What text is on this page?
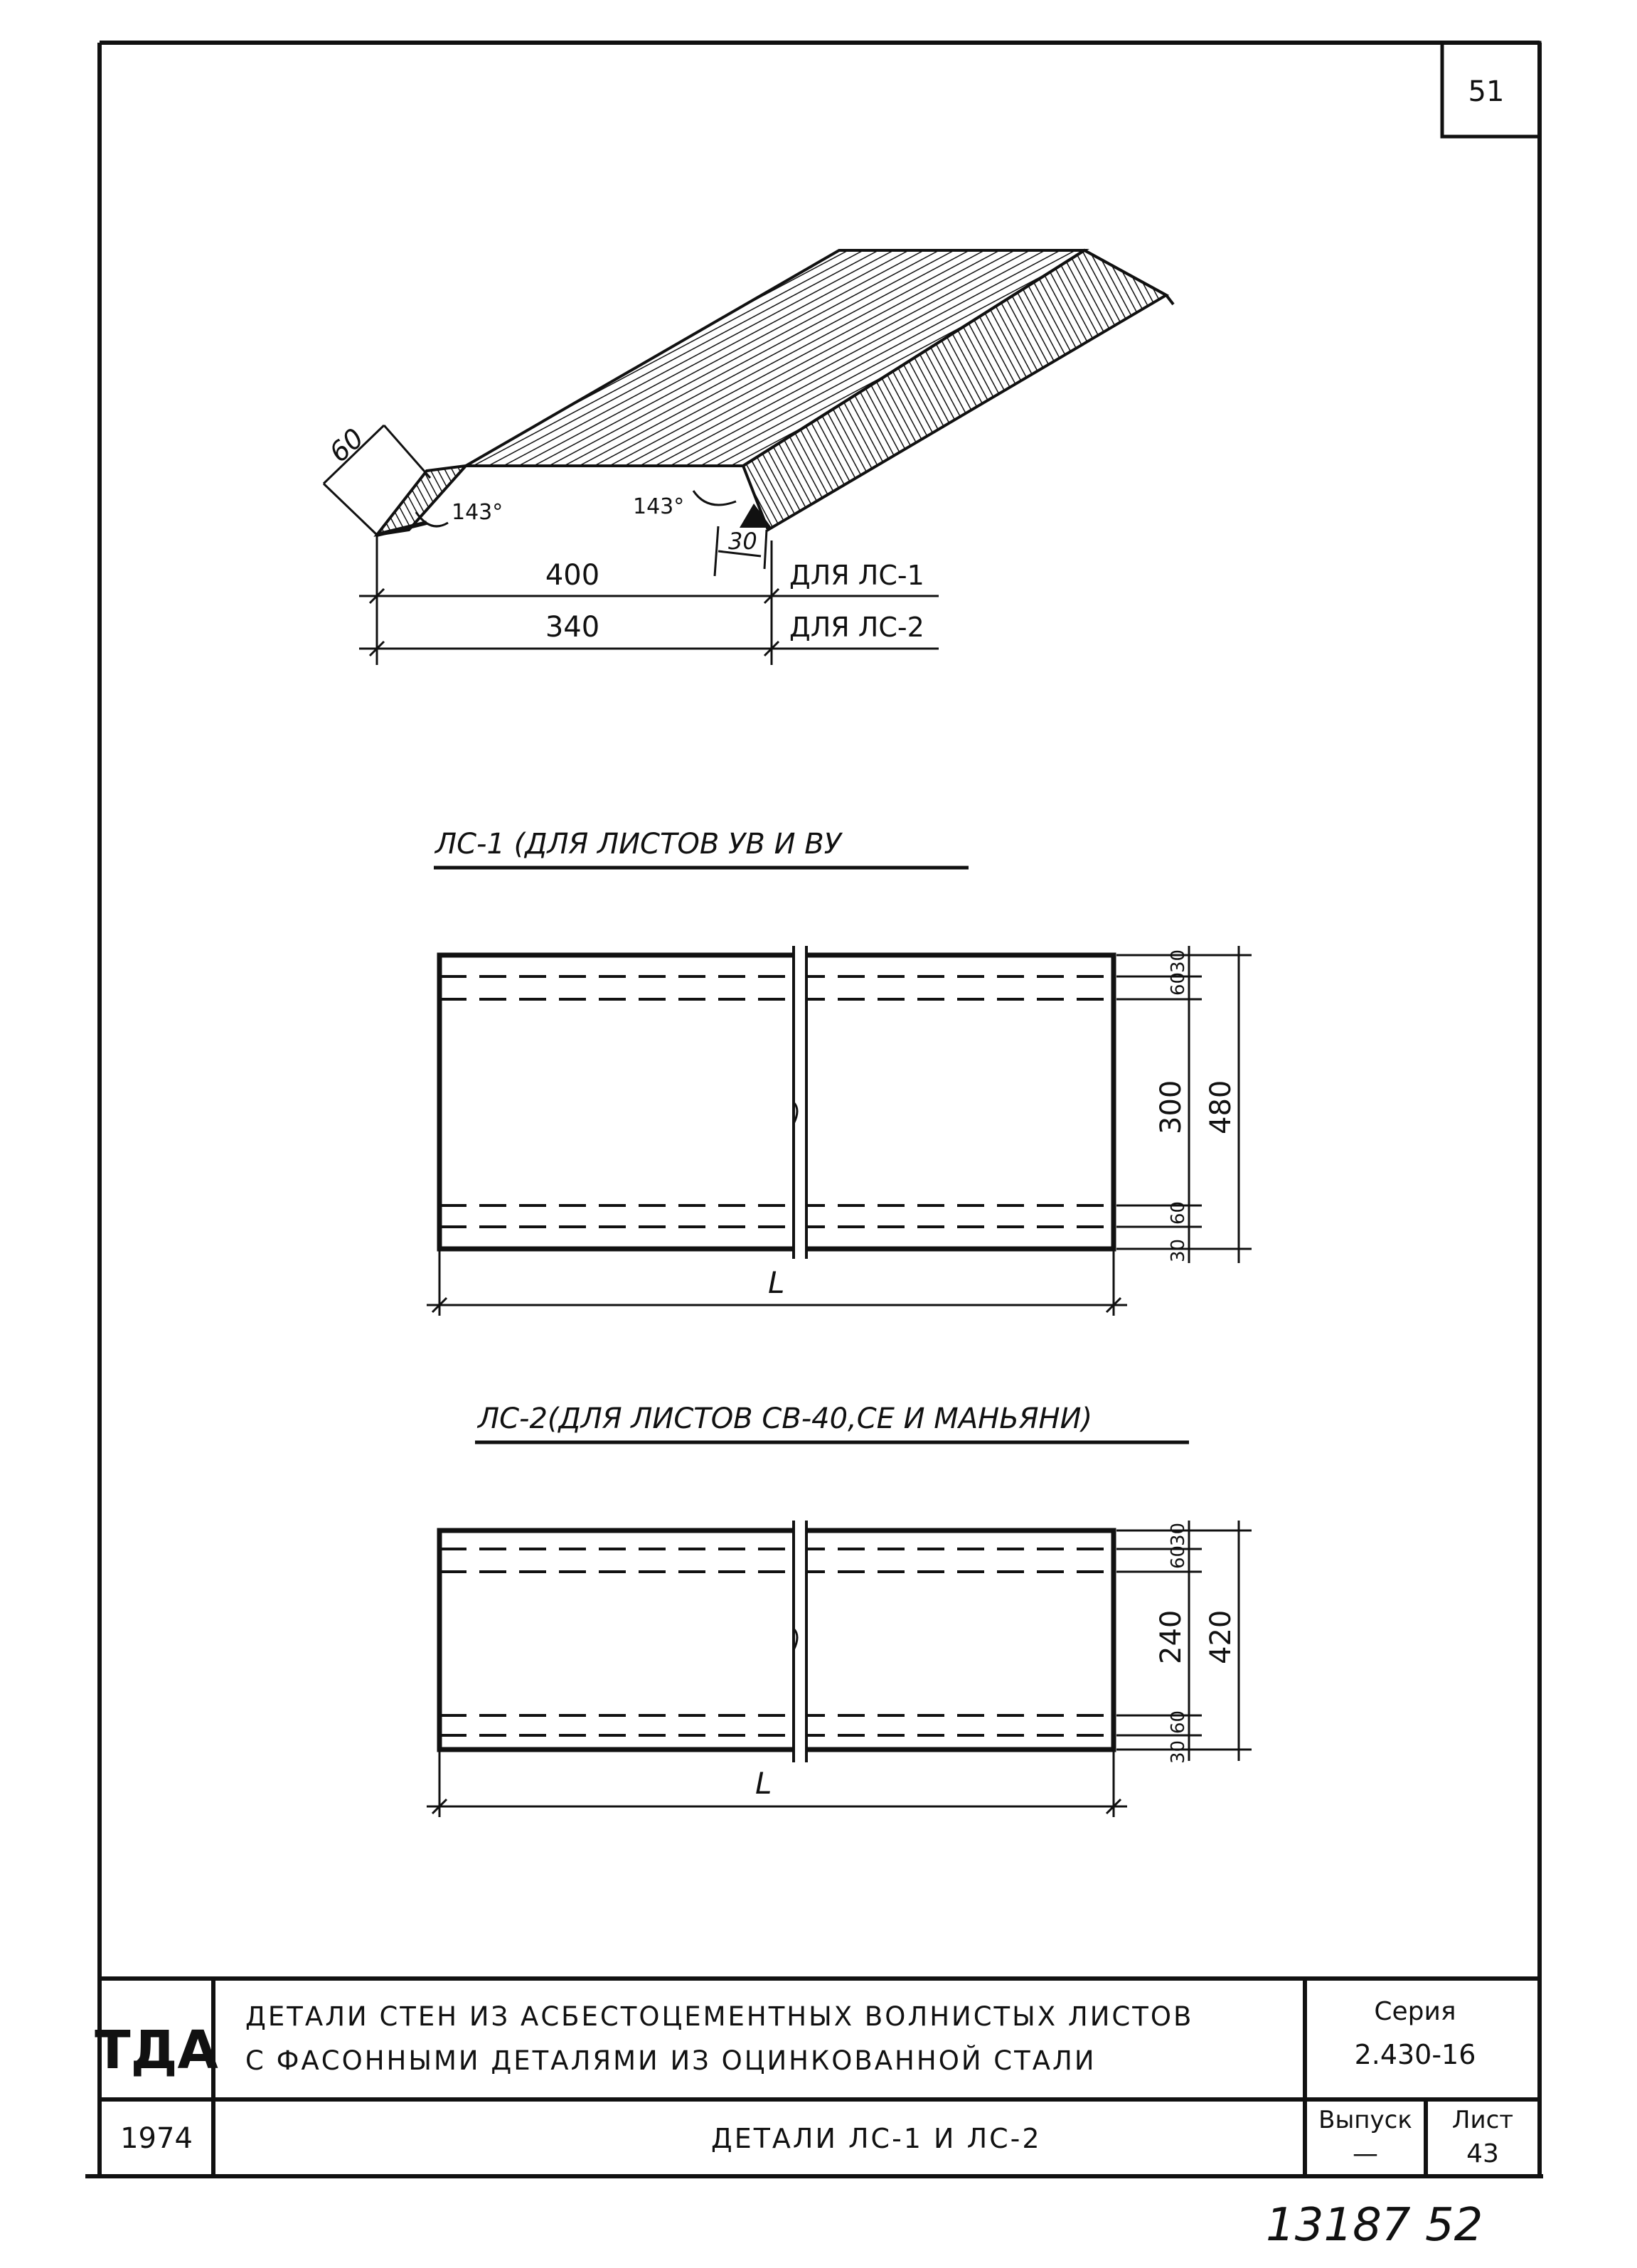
51
60
143°	143°
30
400	ДЛЯ ЛС-1
340	ДЛЯ ЛС-2
ЛС-1 (ДЛЯ ЛИСТОВ УВ И ВУ
30
60
300
60
30
480
L
ЛС-2(ДЛЯ ЛИСТОВ СВ-40,СЕ И МАНЬЯНИ)
30
60
240
60
30
420
L
ТДА
ДЕТАЛИ СТЕН ИЗ АСБЕСТОЦЕМЕНТНЫХ ВОЛНИСТЫХ ЛИСТОВ
С ФАСОННЫМИ ДЕТАЛЯМИ ИЗ ОЦИНКОВАННОЙ СТАЛИ
Серия
2.430-16
1974	ДЕТАЛИ ЛС-1 И ЛС-2
Выпуск
—
Лист
43
13187 52
